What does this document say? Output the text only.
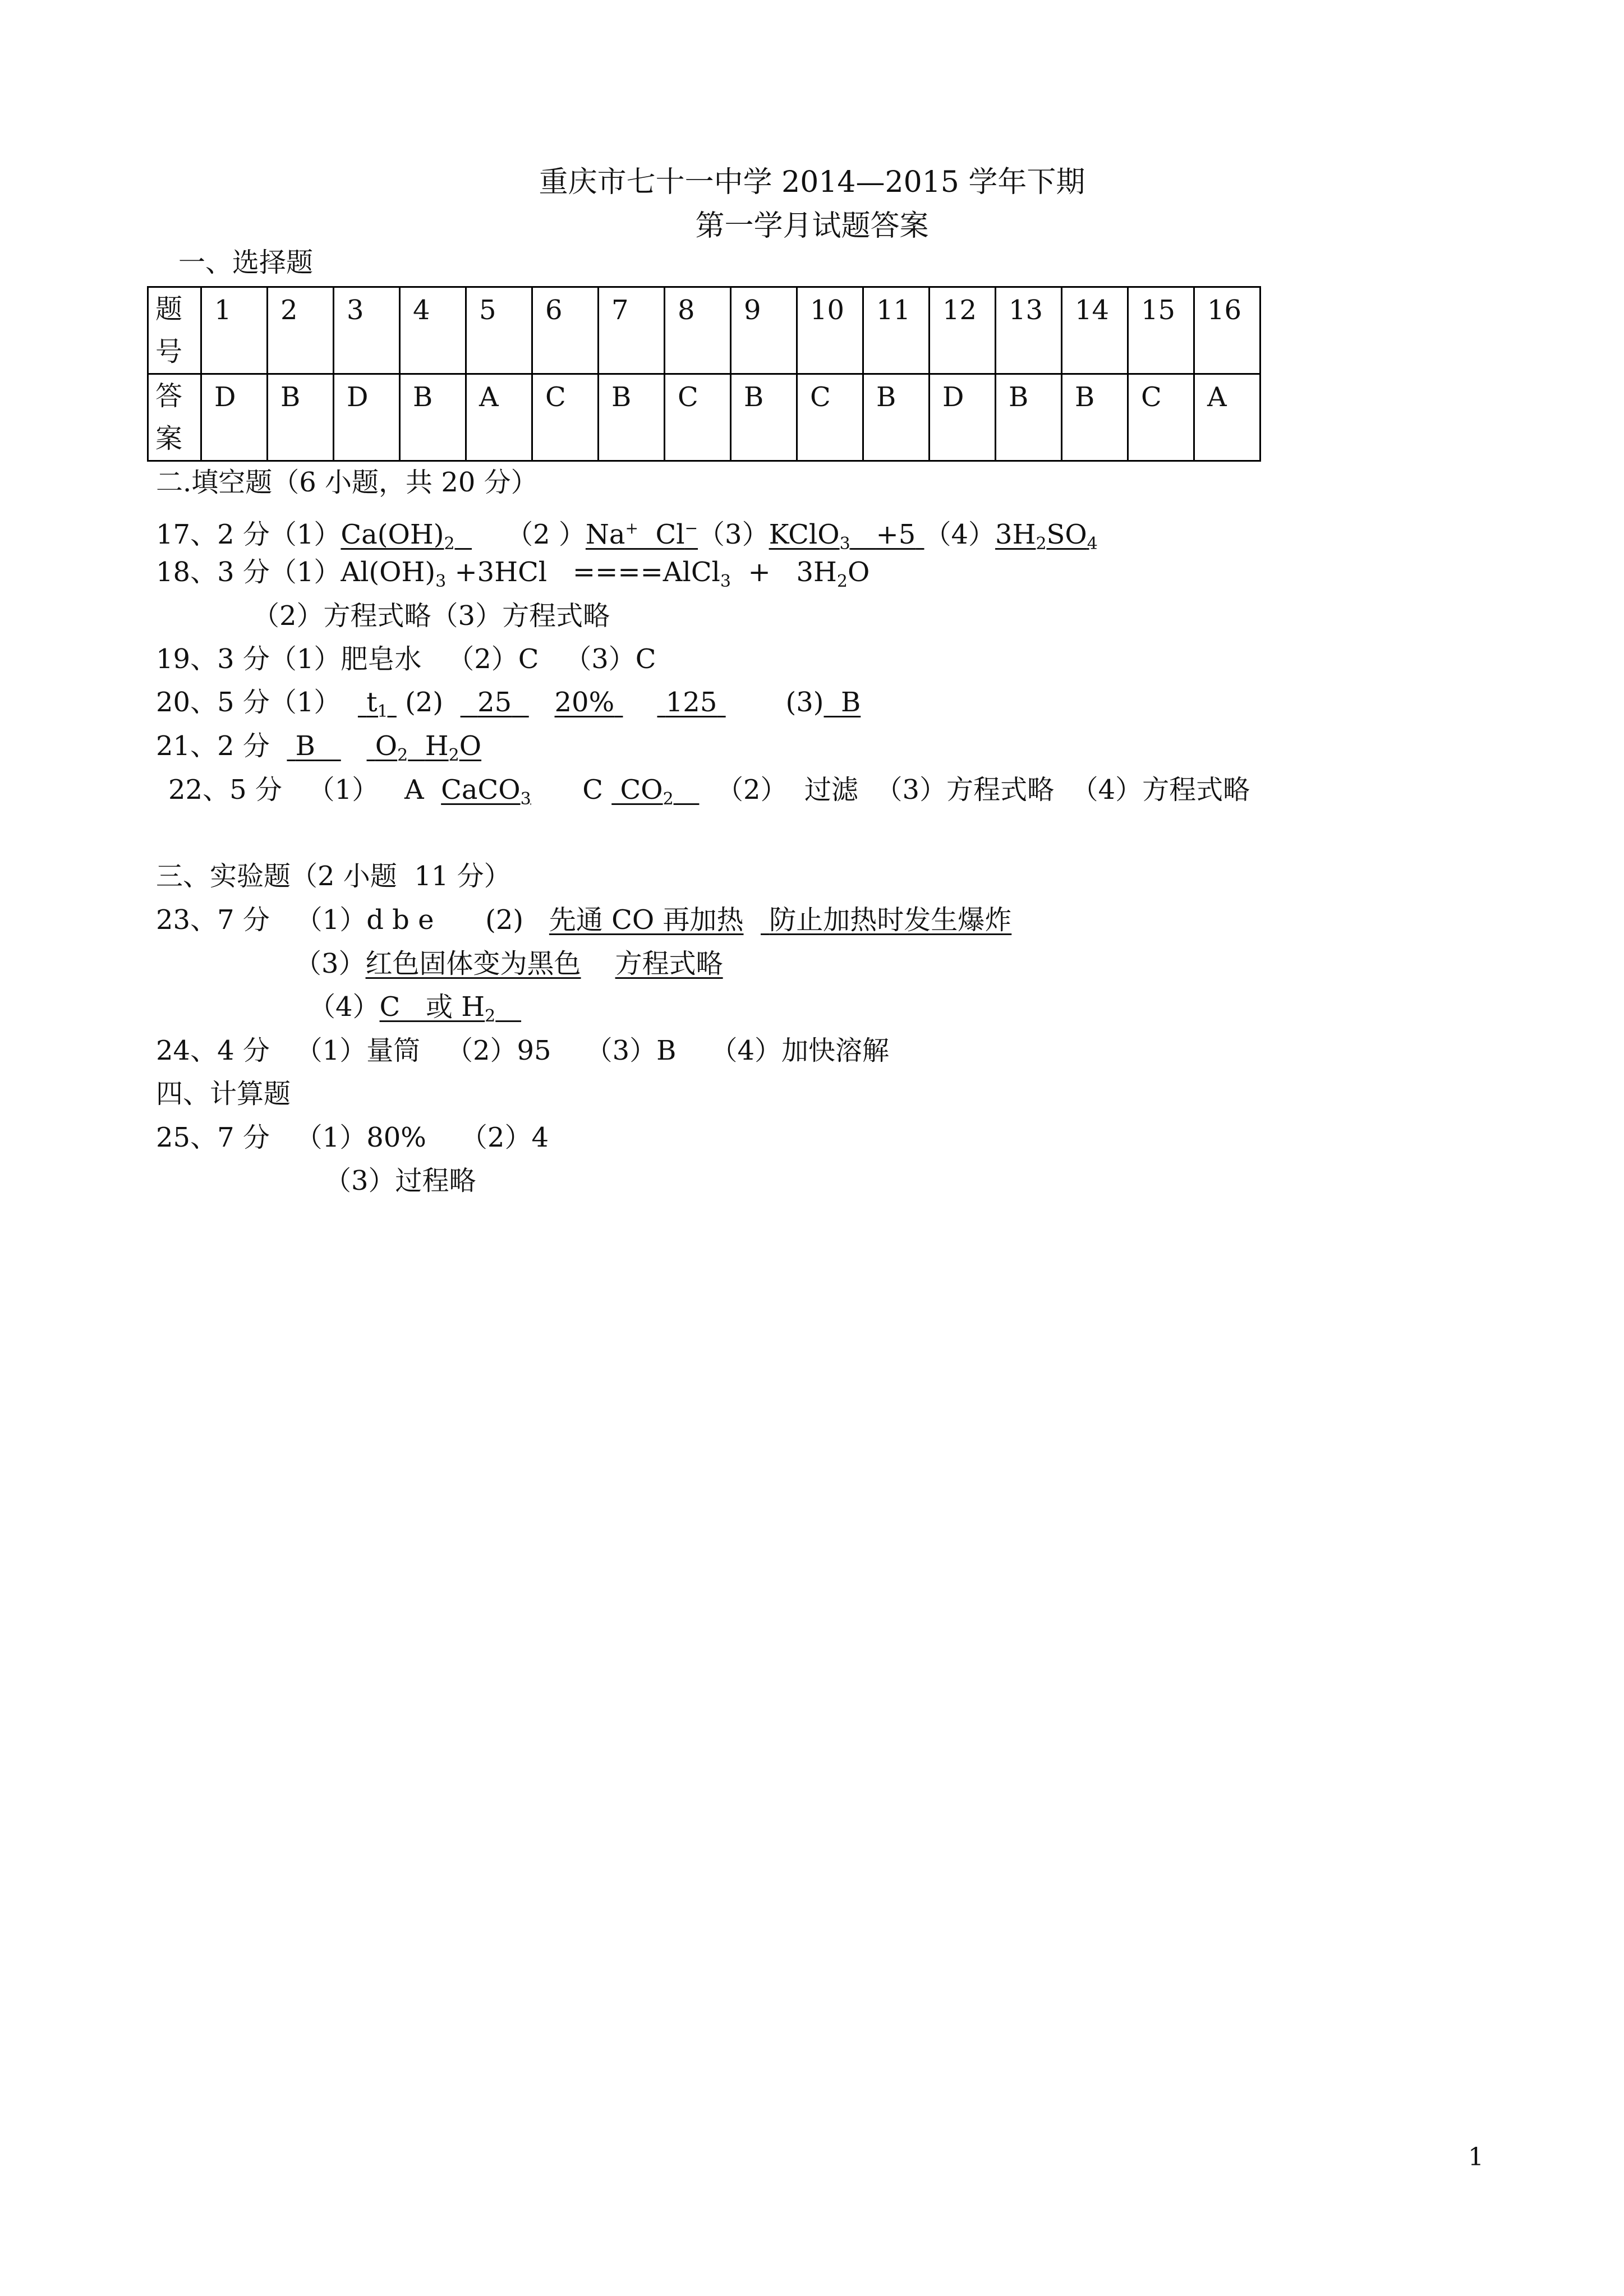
重庆市七十一中学 2014—2015 学年下期
第一学月试题答案
一、选择题
题号	1	2	3	4	5	6	7	8	9	10	11	12	13	14	15	16

答案	D	B	D	B	A	C	B	C	B	C	B	D	B	B	C	A
二.填空题（6 小题，共 20 分）
17、2 分$(1)Ca(OH)_2$ （2 ）Na+ Cl−（3）KClO$_3$ +5 $(4)3H_2SO_4$
18、3 分$(1)Al(OH)_3 +3HCl$   ====AlCl$_3$  +   $3H_2O$
（2）方程式略（3）方程式略
19、3 分（1）肥皂水   （2）C   （3）C
20、5 分（1） $t_1$  (2) 25 20% 125	(3) B
21、2 分 B $O_2$ $H_2O$
22、5 分   （1）   A CaCO$_3$ C $CO_2$ （2）  过滤  （3）方程式略  （4）方程式略
三、实验题（2 小题  11 分）
23、7 分   （1）d b e      (2) 先通 CO 再加热 防止加热时发生爆炸
（3）红色固体变为黑色 方程式略
（4）C   或 $H_2$
24、4 分   （1）量筒   （2）95    （3）B    （4）加快溶解
四、计算题
25、7 分   （1）80%    （2）4
（3）过程略
1
